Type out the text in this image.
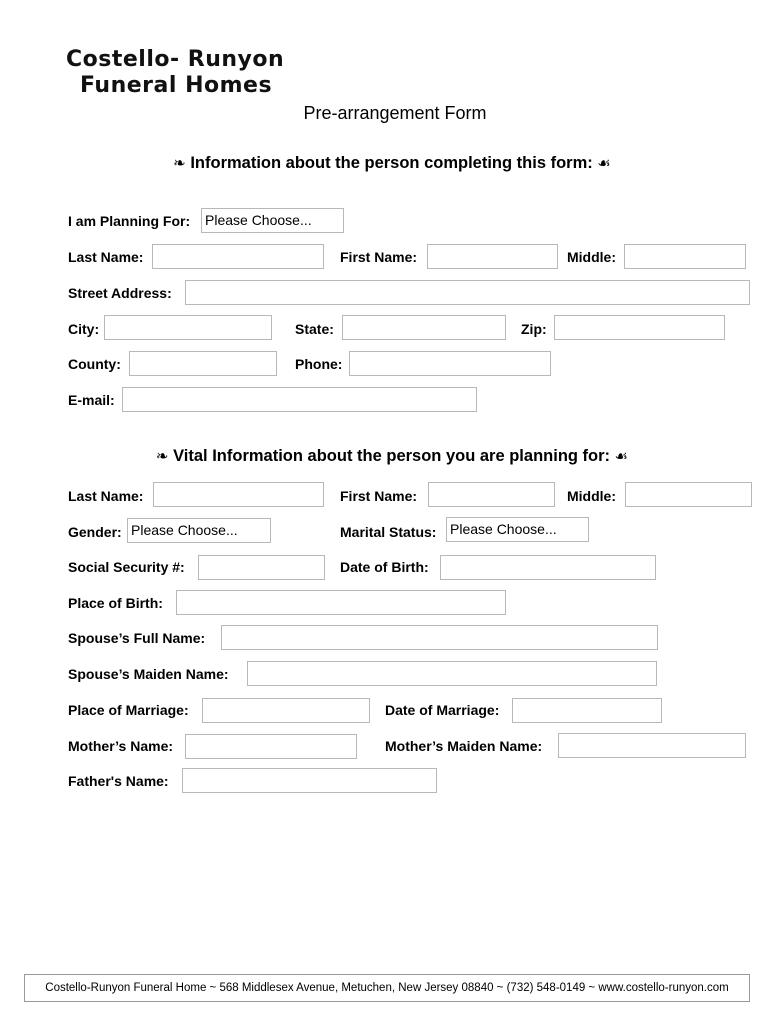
Costello- Runyon
Funeral Homes
Pre-arrangement Form
❧ Information about the person completing this form: ☙
I am Planning For: Please Choose...
Last Name:	First Name:	Middle:
Street Address:
City:	State:	Zip:
County:	Phone:
E-mail:
❧ Vital Information about the person you are planning for: ☙
Last Name:	First Name:	Middle:
Gender: Please Choose...	Marital Status: Please Choose...
Social Security #:	Date of Birth:
Place of Birth:
Spouse’s Full Name:
Spouse’s Maiden Name:
Place of Marriage:	Date of Marriage:
Mother’s Name:	Mother’s Maiden Name:
Father's Name:
Costello-Runyon Funeral Home ~ 568 Middlesex Avenue, Metuchen, New Jersey 08840 ~ (732) 548-0149 ~ www.costello-runyon.com
